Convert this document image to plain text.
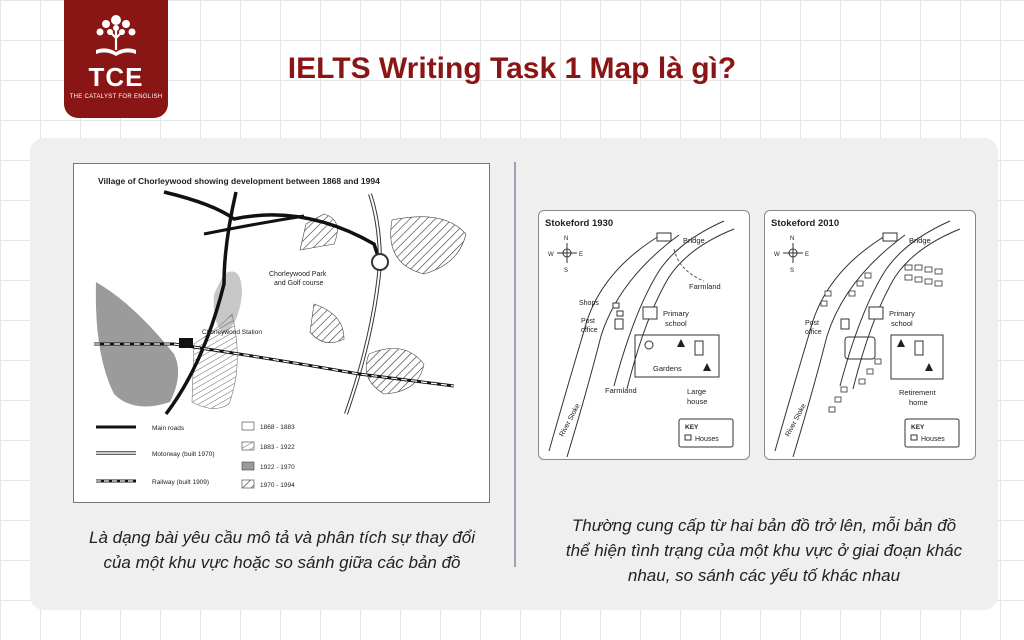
TCE
THE CATALYST FOR ENGLISH
IELTS Writing Task 1 Map là gì?
Village of Chorleywood showing development between 1868 and 1994
Chorleywood Park
and Golf course
Chorleywood Station
Main roads
Motorway (built 1970)
Railway (built 1909)
1868 - 1883
1883 - 1922
1922 - 1970
1970 - 1994
Stokeford 1930
N
S
E
W
Bridge
Farmland
Shops
Post
office
Primary
school
Gardens
Farmland	Large
house
River Stoke	KEY
Houses
Stokeford 2010
N
S
E
W
Bridge
Post
office
Primary
school
Retirement
home
River Stoke	KEY
Houses
Là dạng bài yêu cầu mô tả và phân tích sự thay đổi
của một khu vực hoặc so sánh giữa các bản đồ
Thường cung cấp từ hai bản đồ trở lên, mỗi bản đồ
thể hiện tình trạng của một khu vực ở giai đoạn khác
nhau, so sánh các yếu tố khác nhau
